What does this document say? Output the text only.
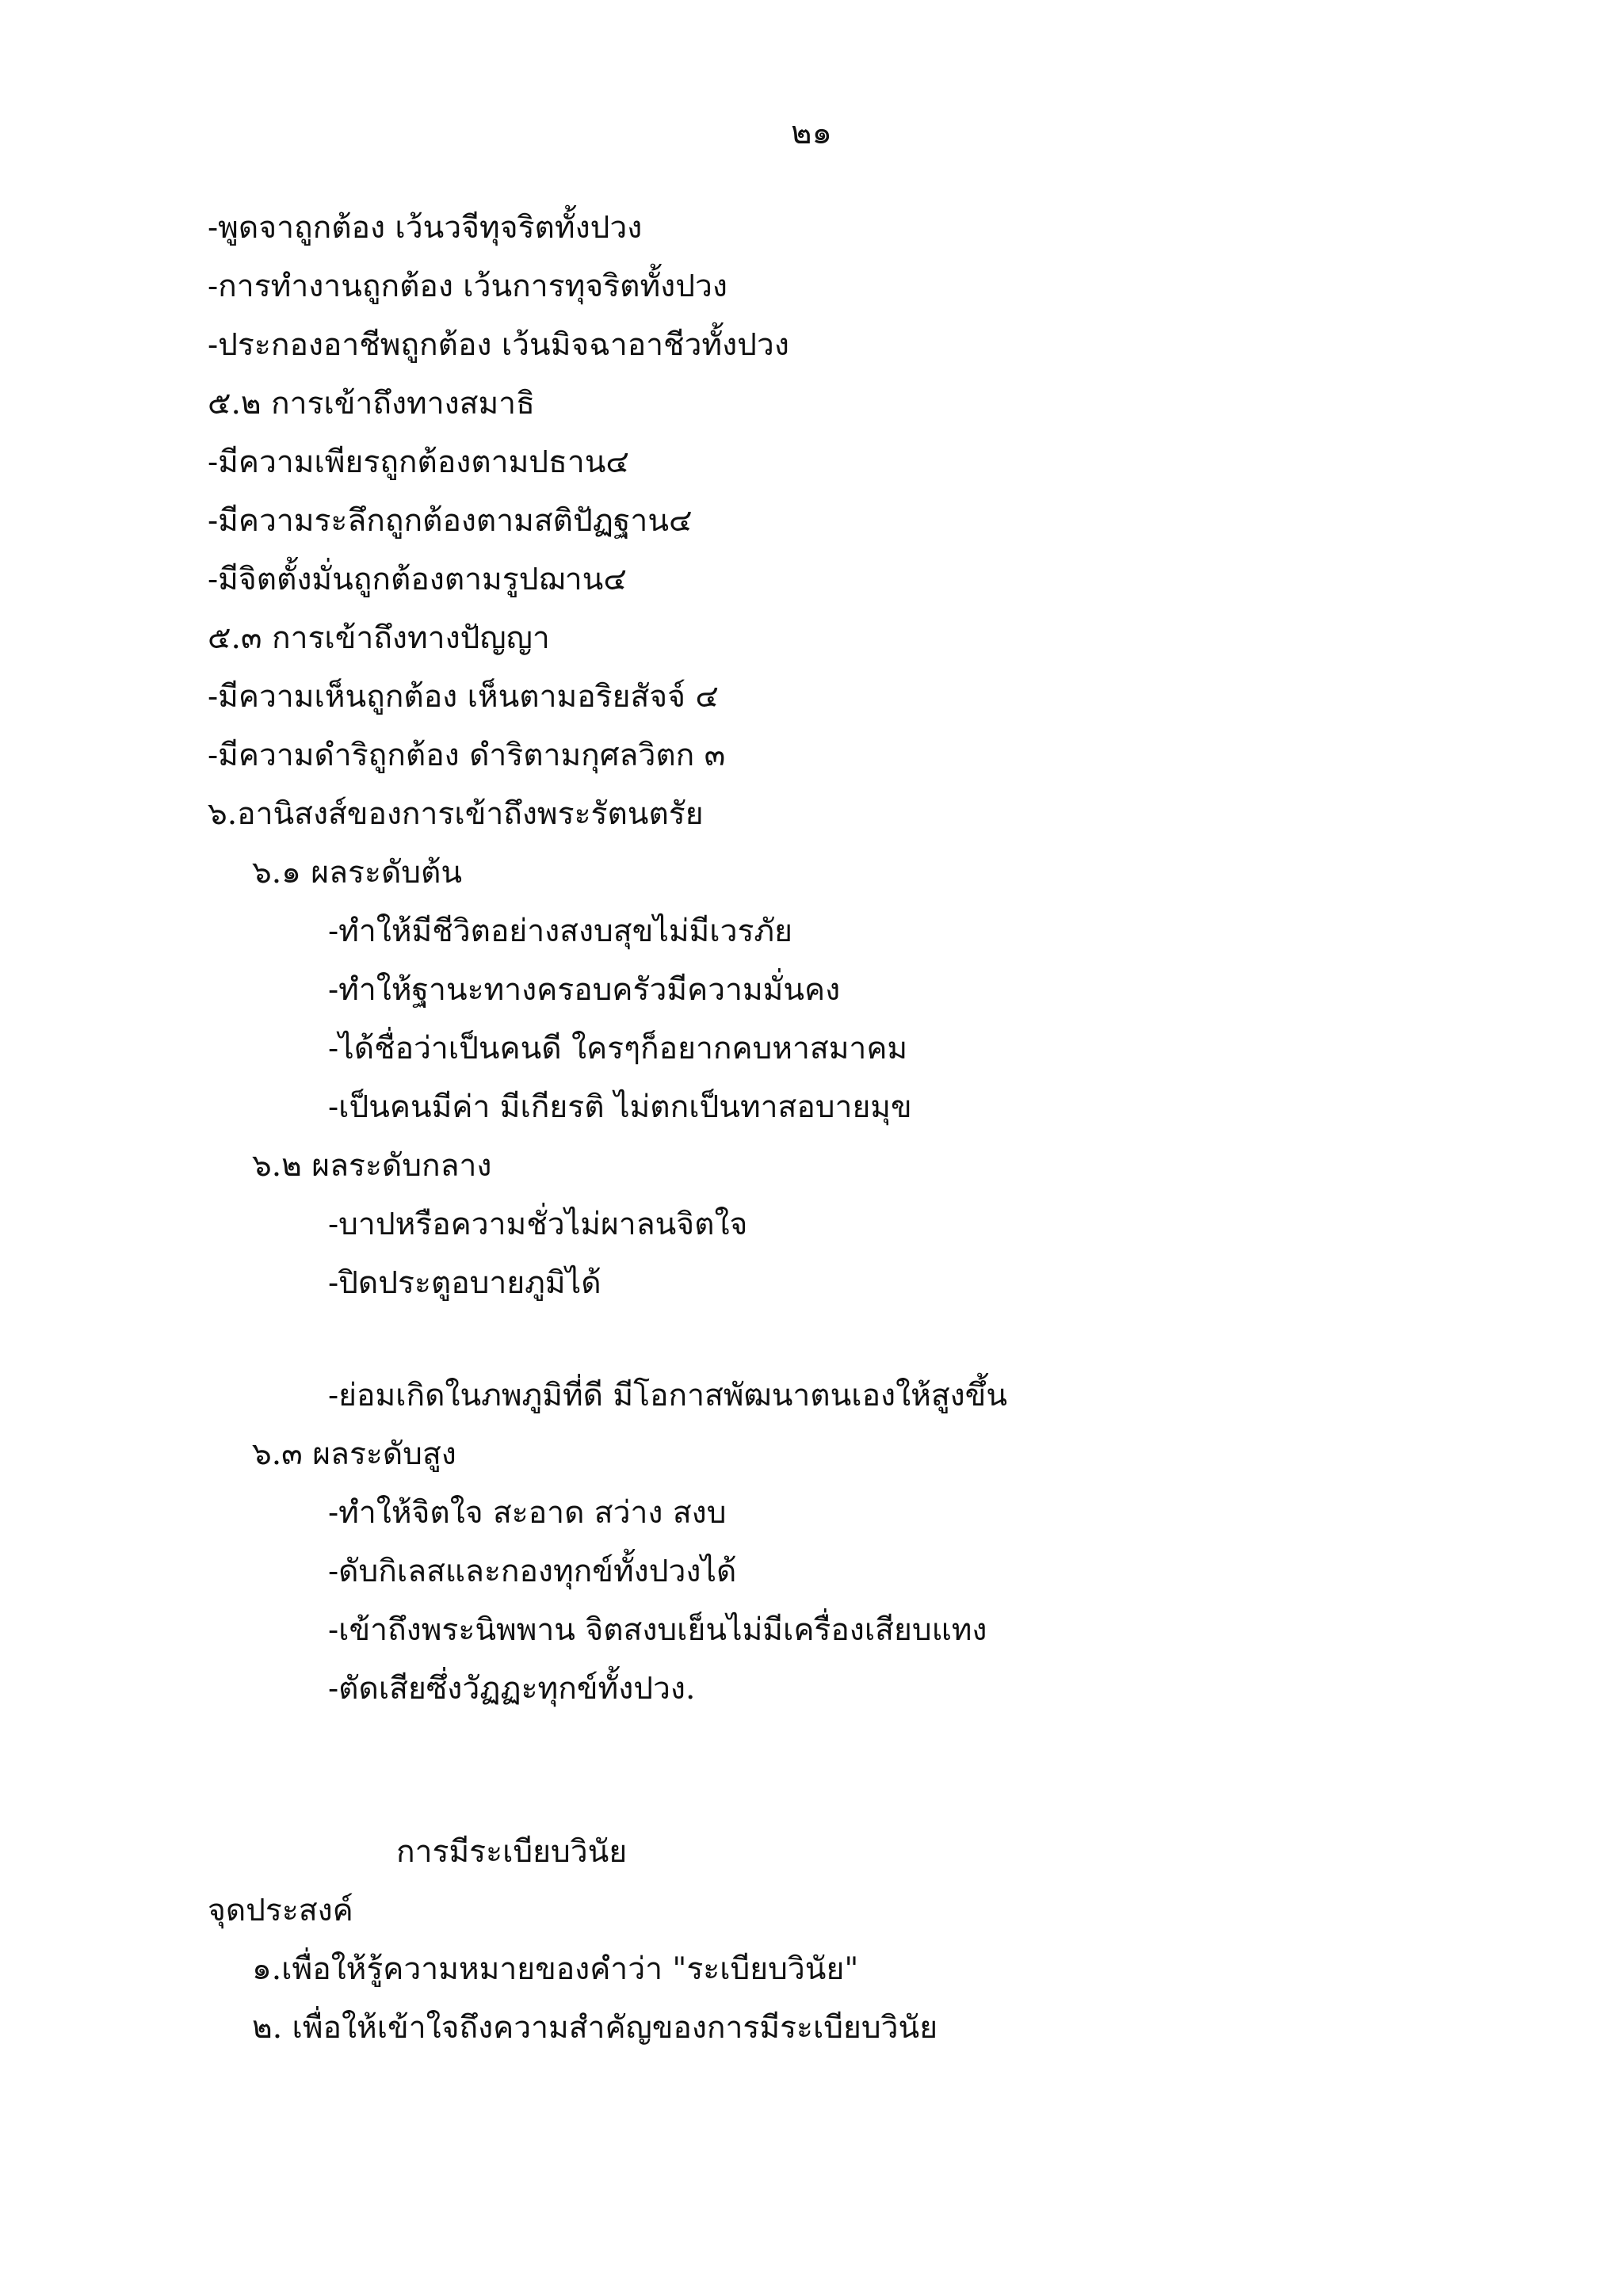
๒๑
-พูดจาถูกต้อง เว้นวจีทุจริตทั้งปวง
-การทำงานถูกต้อง เว้นการทุจริตทั้งปวง
-ประกองอาชีพถูกต้อง เว้นมิจฉาอาชีวทั้งปวง
๕.๒ การเข้าถึงทางสมาธิ
-มีความเพียรถูกต้องตามปธาน๔
-มีความระลึกถูกต้องตามสติปัฏฐาน๔
-มีจิตตั้งมั่นถูกต้องตามรูปฌาน๔
๕.๓ การเข้าถึงทางปัญญา
-มีความเห็นถูกต้อง เห็นตามอริยสัจจ์ ๔
-มีความดำริถูกต้อง ดำริตามกุศลวิตก ๓
๖.อานิสงส์ของการเข้าถึงพระรัตนตรัย
๖.๑ ผลระดับต้น
-ทำให้มีชีวิตอย่างสงบสุขไม่มีเวรภัย
-ทำให้ฐานะทางครอบครัวมีความมั่นคง
-ได้ชื่อว่าเป็นคนดี ใครๆก็อยากคบหาสมาคม
-เป็นคนมีค่า มีเกียรติ ไม่ตกเป็นทาสอบายมุข
๖.๒ ผลระดับกลาง
-บาปหรือความชั่วไม่ผาลนจิตใจ
-ปิดประตูอบายภูมิได้
-ย่อมเกิดในภพภูมิที่ดี มีโอกาสพัฒนาตนเองให้สูงขึ้น
๖.๓ ผลระดับสูง
-ทำให้จิตใจ สะอาด สว่าง สงบ
-ดับกิเลสและกองทุกข์ทั้งปวงได้
-เข้าถึงพระนิพพาน จิตสงบเย็นไม่มีเครื่องเสียบแทง
-ตัดเสียซึ่งวัฏฏะทุกข์ทั้งปวง.
การมีระเบียบวินัย
จุดประสงค์
๑.เพื่อให้รู้ความหมายของคำว่า "ระเบียบวินัย"
๒. เพื่อให้เข้าใจถึงความสำคัญของการมีระเบียบวินัย
